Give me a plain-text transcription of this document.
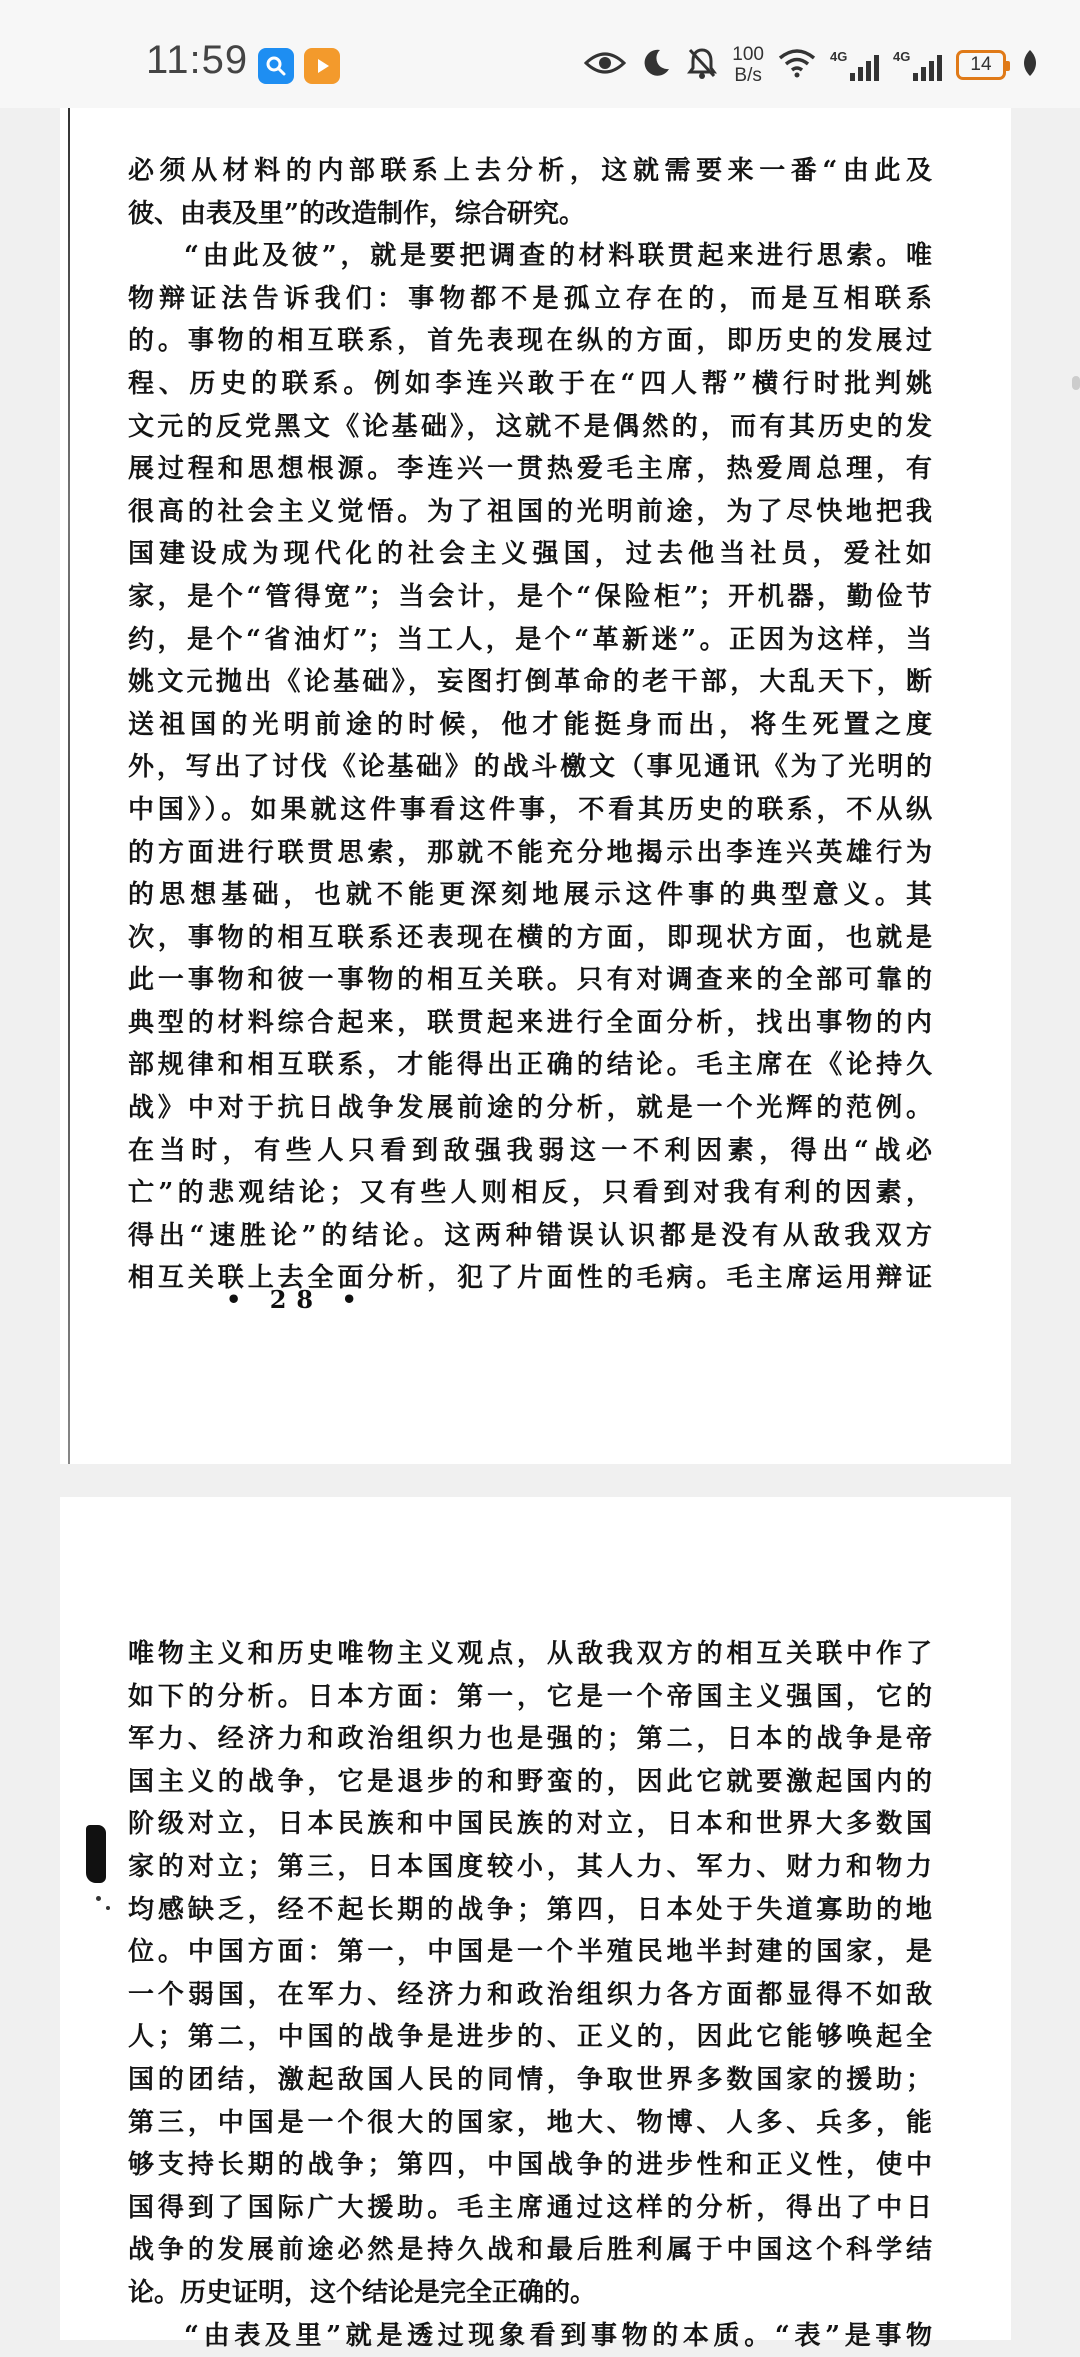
11:59	100
B/s
4G	4G	14

必须从材料的内部联系上去分析，这就需要来一番“由此及

彼、由表及里”的改造制作，综合研究。

“由此及彼”，就是要把调查的材料联贯起来进行思索。唯

物辩证法告诉我们：事物都不是孤立存在的，而是互相联系

的。事物的相互联系，首先表现在纵的方面，即历史的发展过

程、历史的联系。例如李连兴敢于在“四人帮”横行时批判姚

文元的反党黑文《论基础》，这就不是偶然的，而有其历史的发

展过程和思想根源。李连兴一贯热爱毛主席，热爱周总理，有

很高的社会主义觉悟。为了祖国的光明前途，为了尽快地把我

国建设成为现代化的社会主义强国，过去他当社员，爱社如

家，是个“管得宽”；当会计，是个“保险柜”；开机器，勤俭节

约，是个“省油灯”；当工人，是个“革新迷”。正因为这样，当

姚文元抛出《论基础》，妄图打倒革命的老干部，大乱天下，断

送祖国的光明前途的时候，他才能挺身而出，将生死置之度

外，写出了讨伐《论基础》的战斗檄文（事见通讯《为了光明的

中国》）。如果就这件事看这件事，不看其历史的联系，不从纵

的方面进行联贯思索，那就不能充分地揭示出李连兴英雄行为

的思想基础，也就不能更深刻地展示这件事的典型意义。其

次，事物的相互联系还表现在横的方面，即现状方面，也就是

此一事物和彼一事物的相互关联。只有对调查来的全部可靠的

典型的材料综合起来，联贯起来进行全面分析，找出事物的内

部规律和相互联系，才能得出正确的结论。毛主席在《论持久

战》中对于抗日战争发展前途的分析，就是一个光辉的范例。

在当时，有些人只看到敌强我弱这一不利因素，得出“战必

亡”的悲观结论；又有些人则相反，只看到对我有利的因素，

得出“速胜论”的结论。这两种错误认识都是没有从敌我双方

相互关联上去全面分析，犯了片面性的毛病。毛主席运用辩证

• 28 •

唯物主义和历史唯物主义观点，从敌我双方的相互关联中作了

如下的分析。日本方面：第一，它是一个帝国主义强国，它的

军力、经济力和政治组织力也是强的；第二，日本的战争是帝

国主义的战争，它是退步的和野蛮的，因此它就要激起国内的

阶级对立，日本民族和中国民族的对立，日本和世界大多数国

家的对立；第三，日本国度较小，其人力、军力、财力和物力

均感缺乏，经不起长期的战争；第四，日本处于失道寡助的地

位。中国方面：第一，中国是一个半殖民地半封建的国家，是

一个弱国，在军力、经济力和政治组织力各方面都显得不如敌

人；第二，中国的战争是进步的、正义的，因此它能够唤起全

国的团结，激起敌国人民的同情，争取世界多数国家的援助；

第三，中国是一个很大的国家，地大、物博、人多、兵多，能

够支持长期的战争；第四，中国战争的进步性和正义性，使中

国得到了国际广大援助。毛主席通过这样的分析，得出了中日

战争的发展前途必然是持久战和最后胜利属于中国这个科学结

论。历史证明，这个结论是完全正确的。

“由表及里”就是透过现象看到事物的本质。“表”是事物
